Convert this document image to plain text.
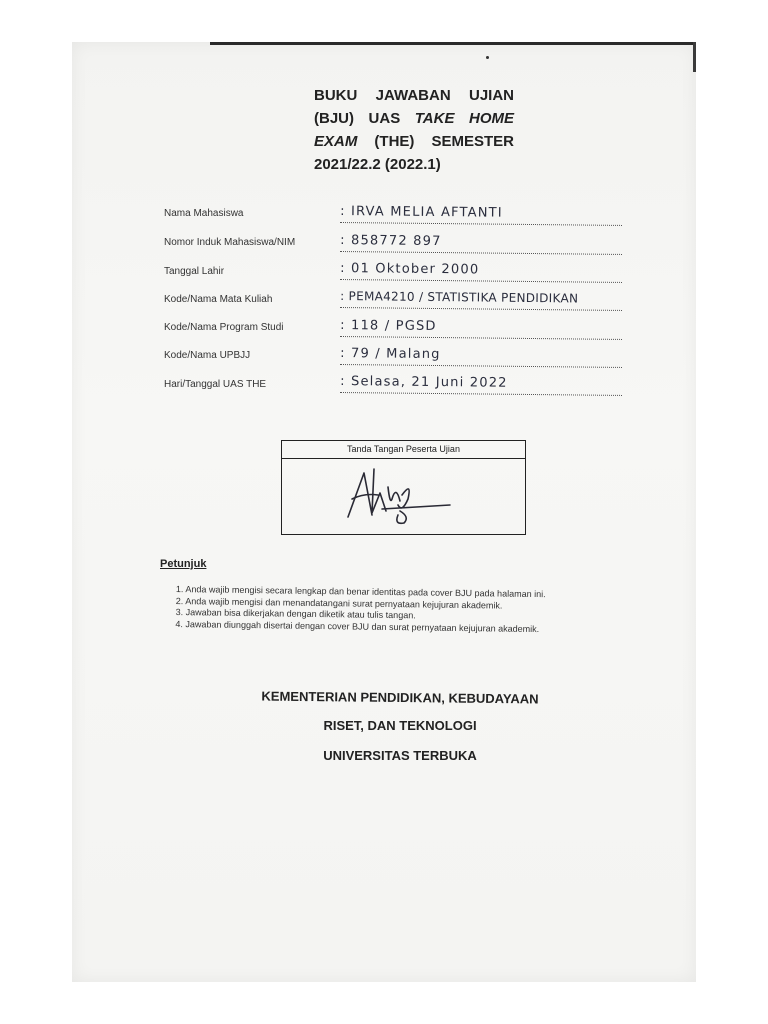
BUKU JAWABAN UJIAN
(BJU) UAS TAKE HOME
EXAM (THE) SEMESTER
2021/22.2 (2022.1)
Nama Mahasiswa	: IRVA MELIA AFTANTI
Nomor Induk Mahasiswa/NIM	: 858772 897
Tanggal Lahir	: 01 Oktober 2000
Kode/Nama Mata Kuliah	: PEMA4210 / STATISTIKA PENDIDIKAN
Kode/Nama Program Studi	: 118 / PGSD
Kode/Nama UPBJJ	: 79 / Malang
Hari/Tanggal UAS THE	: Selasa, 21 Juni 2022
Tanda Tangan Peserta Ujian
Petunjuk
1. Anda wajib mengisi secara lengkap dan benar identitas pada cover BJU pada halaman ini.
2. Anda wajib mengisi dan menandatangani surat pernyataan kejujuran akademik.
3. Jawaban bisa dikerjakan dengan diketik atau tulis tangan.
4. Jawaban diunggah disertai dengan cover BJU dan surat pernyataan kejujuran akademik.
KEMENTERIAN PENDIDIKAN, KEBUDAYAAN
RISET, DAN TEKNOLOGI
UNIVERSITAS TERBUKA
